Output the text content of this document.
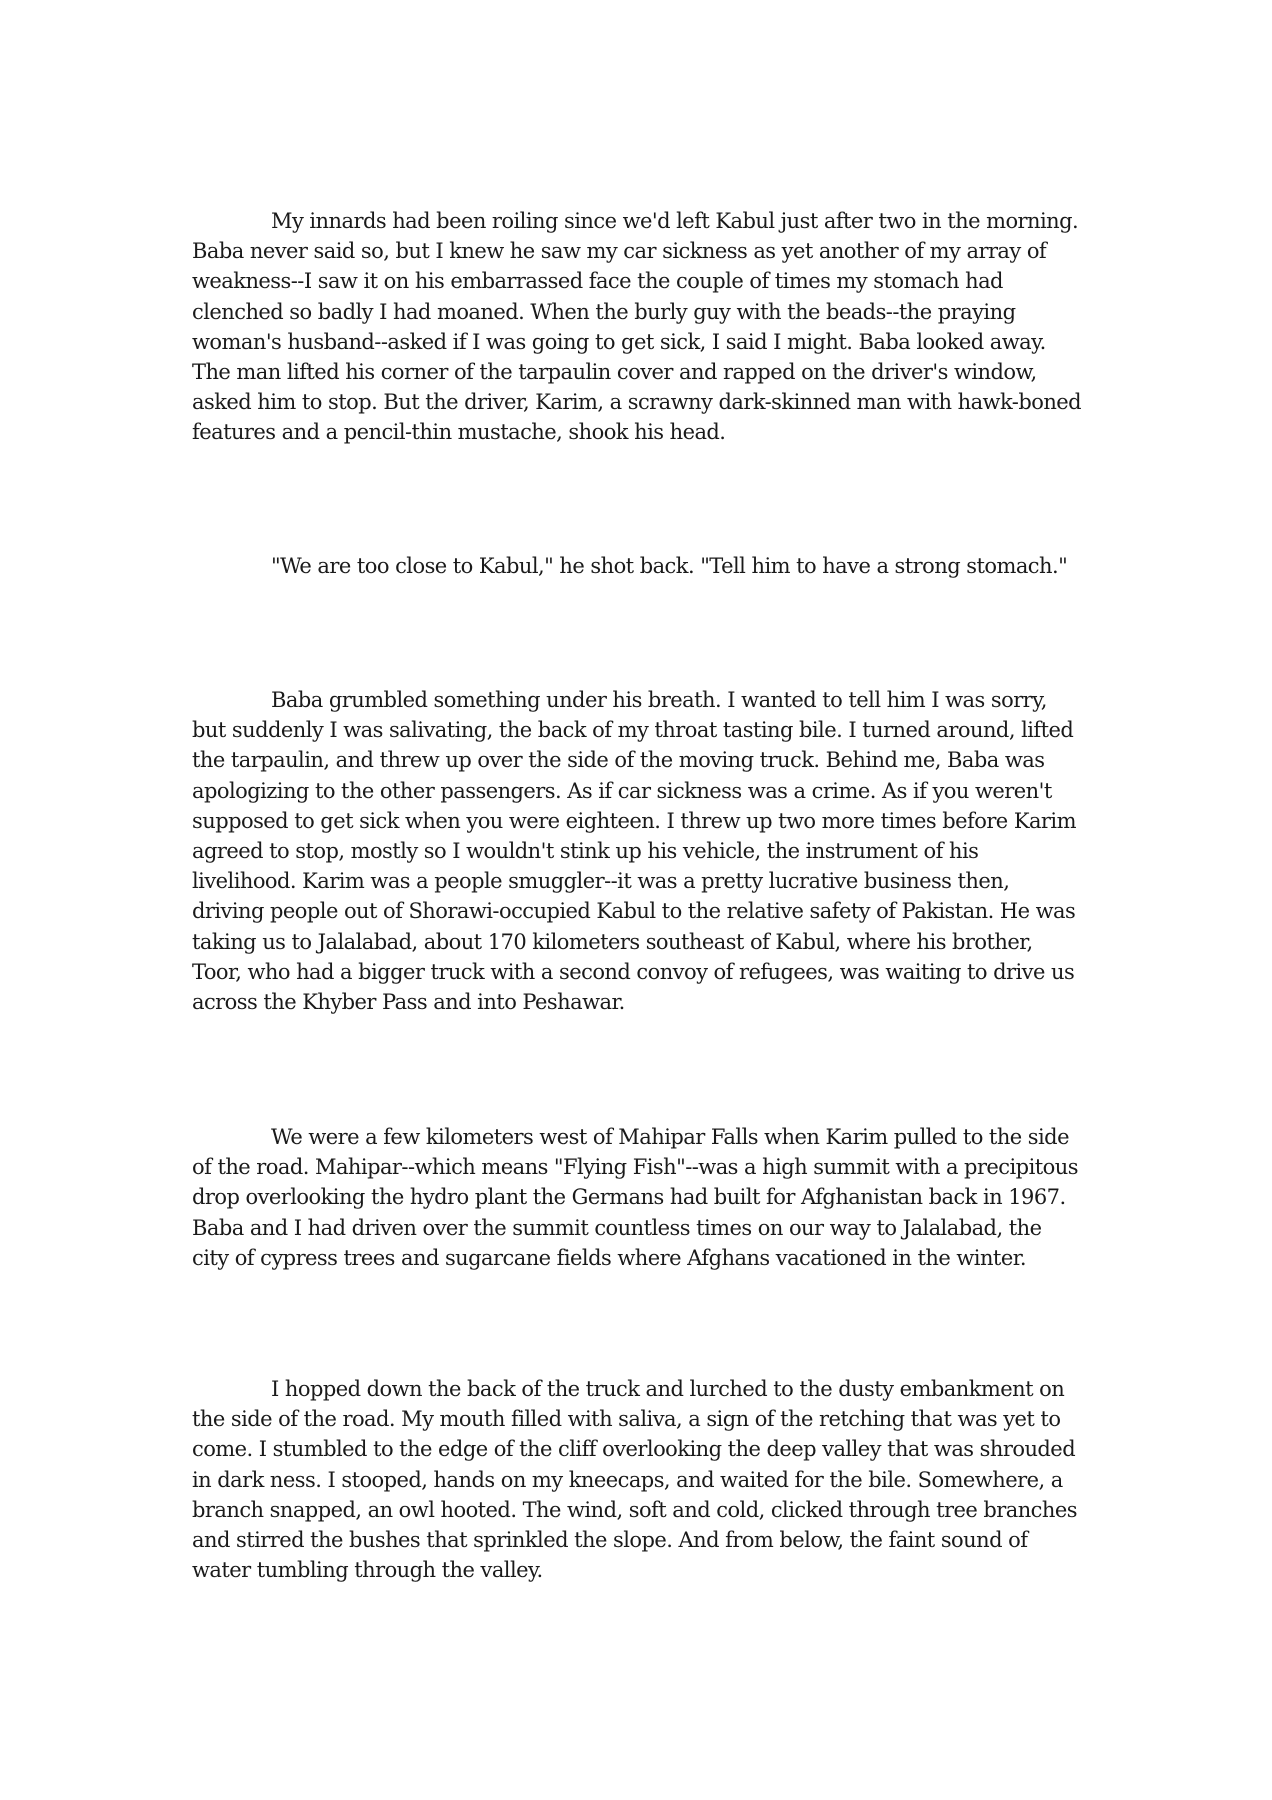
My innards had been roiling since we'd left Kabul just after two in the morning. Baba never said so, but I knew he saw my car sickness as yet another of my array of weakness--I saw it on his embarrassed face the couple of times my stomach had clenched so badly I had moaned. When the burly guy with the beads--the praying woman's husband--asked if I was going to get sick, I said I might. Baba looked away. The man lifted his corner of the tarpaulin cover and rapped on the driver's window, asked him to stop. But the driver, Karim, a scrawny dark-skinned man with hawk-boned features and a pencil-thin mustache, shook his head.

"We are too close to Kabul," he shot back. "Tell him to have a strong stomach."

Baba grumbled something under his breath. I wanted to tell him I was sorry, but suddenly I was salivating, the back of my throat tasting bile. I turned around, lifted the tarpaulin, and threw up over the side of the moving truck. Behind me, Baba was apologizing to the other passengers. As if car sickness was a crime. As if you weren't supposed to get sick when you were eighteen. I threw up two more times before Karim agreed to stop, mostly so I wouldn't stink up his vehicle, the instrument of his livelihood. Karim was a people smuggler--it was a pretty lucrative business then, driving people out of Shorawi-occupied Kabul to the relative safety of Pakistan. He was taking us to Jalalabad, about 170 kilometers southeast of Kabul, where his brother, Toor, who had a bigger truck with a second convoy of refugees, was waiting to drive us across the Khyber Pass and into Peshawar.

We were a few kilometers west of Mahipar Falls when Karim pulled to the side of the road. Mahipar--which means "Flying Fish"--was a high summit with a precipitous drop overlooking the hydro plant the Germans had built for Afghanistan back in 1967. Baba and I had driven over the summit countless times on our way to Jalalabad, the city of cypress trees and sugarcane fields where Afghans vacationed in the winter.

I hopped down the back of the truck and lurched to the dusty embankment on the side of the road. My mouth filled with saliva, a sign of the retching that was yet to come. I stumbled to the edge of the cliff overlooking the deep valley that was shrouded in dark ness. I stooped, hands on my kneecaps, and waited for the bile. Somewhere, a branch snapped, an owl hooted. The wind, soft and cold, clicked through tree branches and stirred the bushes that sprinkled the slope. And from below, the faint sound of water tumbling through the valley.
